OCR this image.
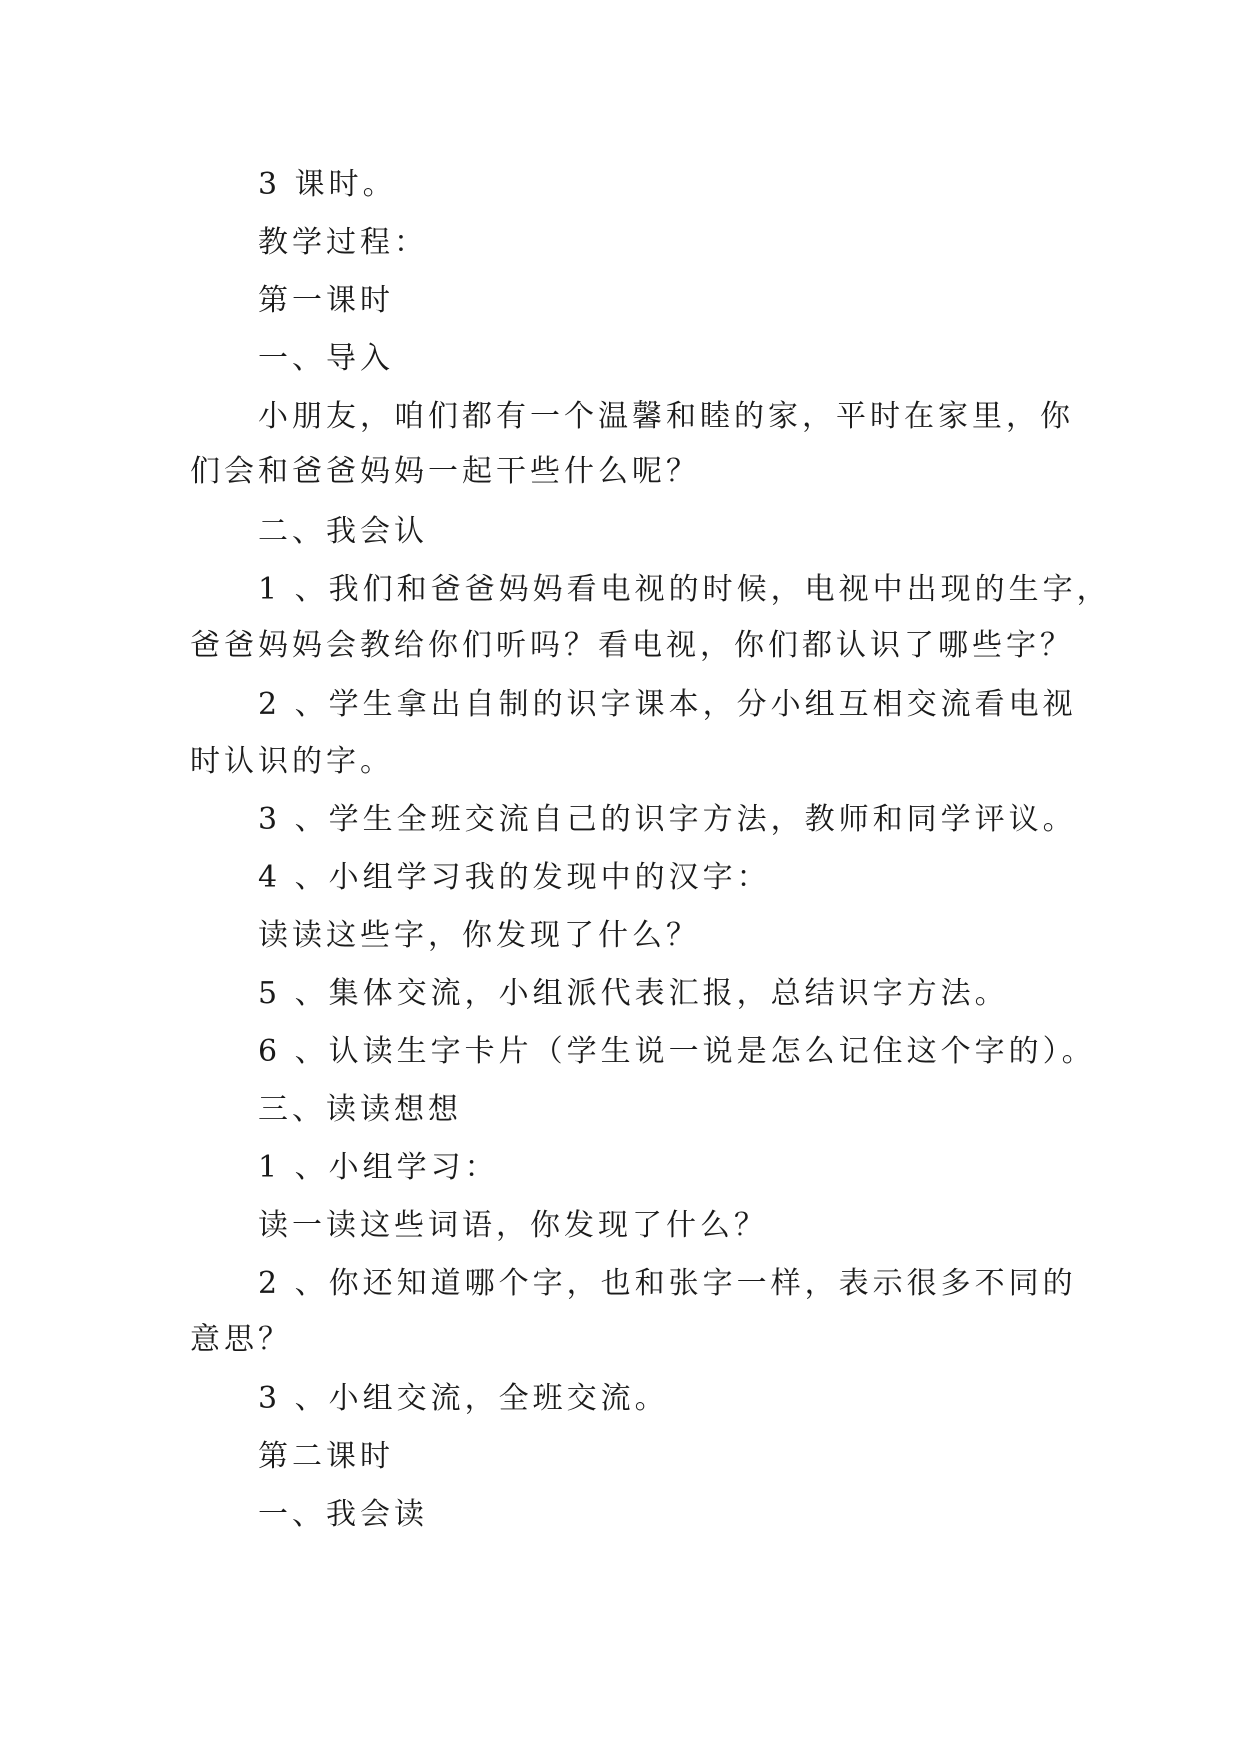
3 课时。
教学过程：
第一课时
一、导入
小朋友，咱们都有一个温馨和睦的家，平时在家里，你
们会和爸爸妈妈一起干些什么呢？
二、我会认
1 、我们和爸爸妈妈看电视的时候，电视中出现的生字，
爸爸妈妈会教给你们听吗？看电视，你们都认识了哪些字？
2 、学生拿出自制的识字课本，分小组互相交流看电视
时认识的字。
3 、学生全班交流自己的识字方法，教师和同学评议。
4 、小组学习我的发现中的汉字：
读读这些字，你发现了什么？
5 、集体交流，小组派代表汇报，总结识字方法。
6 、认读生字卡片（学生说一说是怎么记住这个字的）。
三、读读想想
1 、小组学习：
读一读这些词语，你发现了什么？
2 、你还知道哪个字，也和张字一样，表示很多不同的
意思？
3 、小组交流，全班交流。
第二课时
一、我会读
